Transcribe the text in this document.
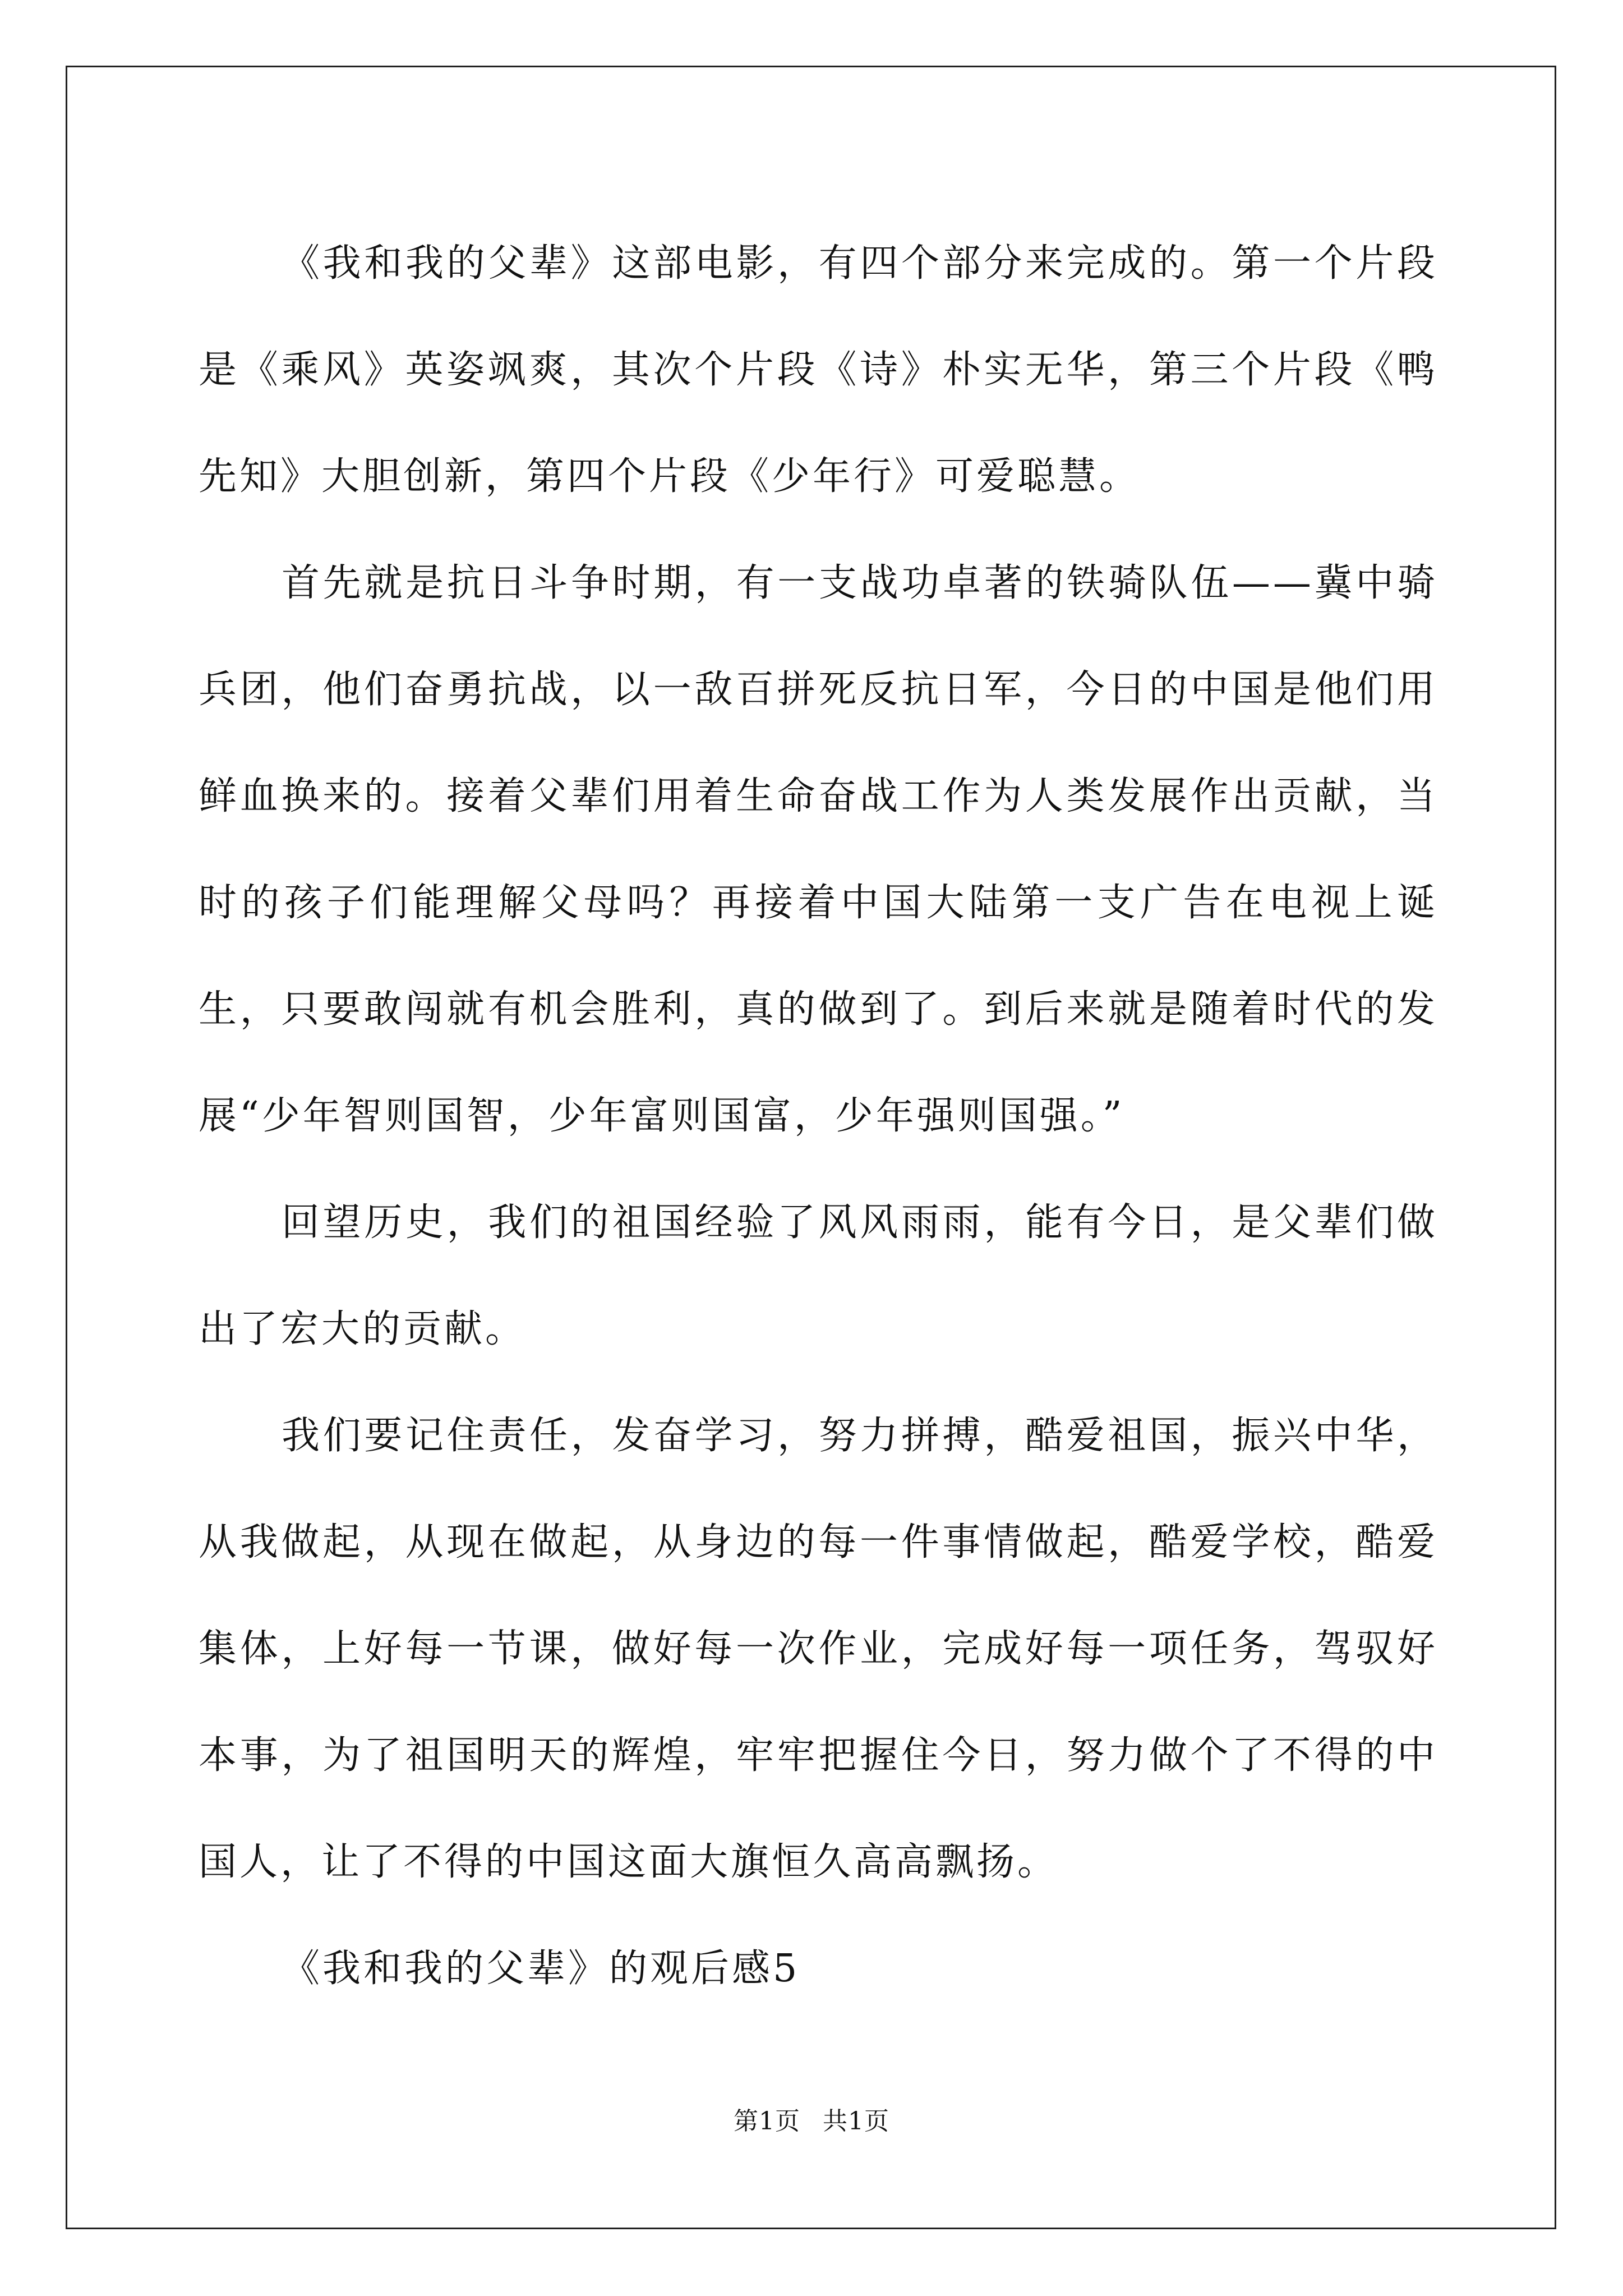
《我和我的父辈》这部电影，有四个部分来完成的。第一个片段是《乘风》英姿飒爽，其次个片段《诗》朴实无华，第三个片段《鸭先知》大胆创新，第四个片段《少年行》可爱聪慧。

首先就是抗日斗争时期，有一支战功卓著的铁骑队伍——冀中骑兵团，他们奋勇抗战，以一敌百拼死反抗日军，今日的中国是他们用鲜血换来的。接着父辈们用着生命奋战工作为人类发展作出贡献，当时的孩子们能理解父母吗？再接着中国大陆第一支广告在电视上诞生，只要敢闯就有机会胜利，真的做到了。到后来就是随着时代的发展“少年智则国智，少年富则国富，少年强则国强。”

回望历史，我们的祖国经验了风风雨雨，能有今日，是父辈们做出了宏大的贡献。

我们要记住责任，发奋学习，努力拼搏，酷爱祖国，振兴中华，从我做起，从现在做起，从身边的每一件事情做起，酷爱学校，酷爱集体，上好每一节课，做好每一次作业，完成好每一项任务，驾驭好本事，为了祖国明天的辉煌，牢牢把握住今日，努力做个了不得的中国人，让了不得的中国这面大旗恒久高高飘扬。

《我和我的父辈》的观后感5

第1页 共1页
